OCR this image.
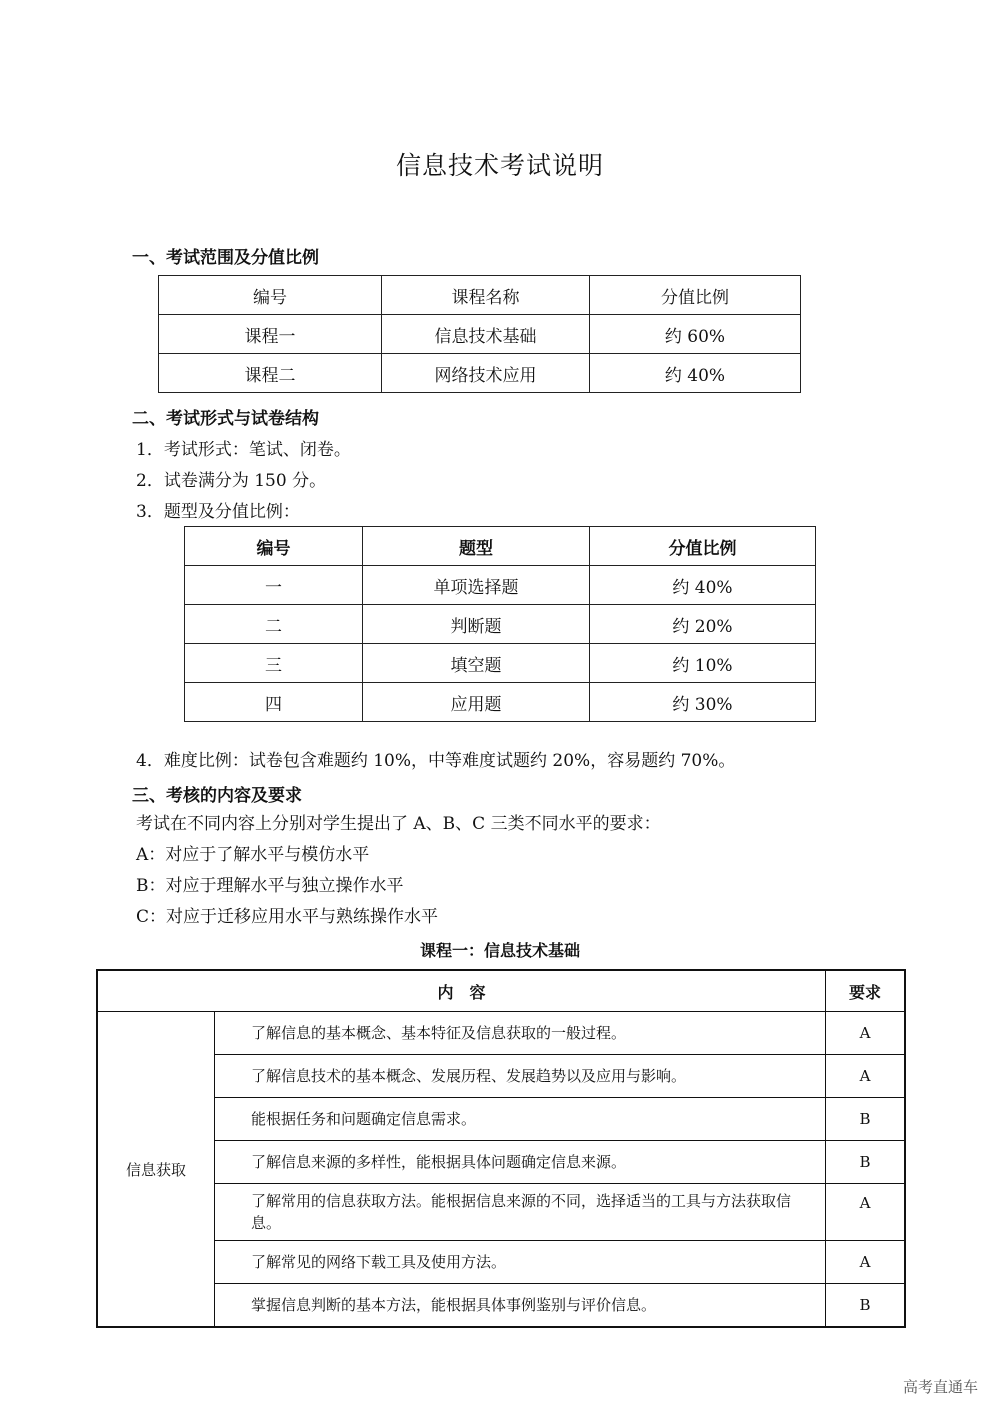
信息技术考试说明
一、考试范围及分值比例
编号	课程名称	分值比例
课程一	信息技术基础	约 60%
课程二	网络技术应用	约 40%
二、考试形式与试卷结构
1．考试形式：笔试、闭卷。
2．试卷满分为 150 分。
3．题型及分值比例：
编号	题型	分值比例
一	单项选择题	约 40%
二	判断题	约 20%
三	填空题	约 10%
四	应用题	约 30%
4．难度比例：试卷包含难题约 10%，中等难度试题约 20%，容易题约 70%。
三、考核的内容及要求
考试在不同内容上分别对学生提出了 A、B、C 三类不同水平的要求：
A：对应于了解水平与模仿水平
B：对应于理解水平与独立操作水平
C：对应于迁移应用水平与熟练操作水平
课程一：信息技术基础
内　容		要求
信息获取	了解信息的基本概念、基本特征及信息获取的一般过程。	A
	了解信息技术的基本概念、发展历程、发展趋势以及应用与影响。	A
	能根据任务和问题确定信息需求。	B
	了解信息来源的多样性，能根据具体问题确定信息来源。	B
	了解常用的信息获取方法。能根据信息来源的不同，选择适当的工具与方法获取信息。	A
	了解常见的网络下载工具及使用方法。	A
	掌握信息判断的基本方法，能根据具体事例鉴别与评价信息。	B
高考直通车
